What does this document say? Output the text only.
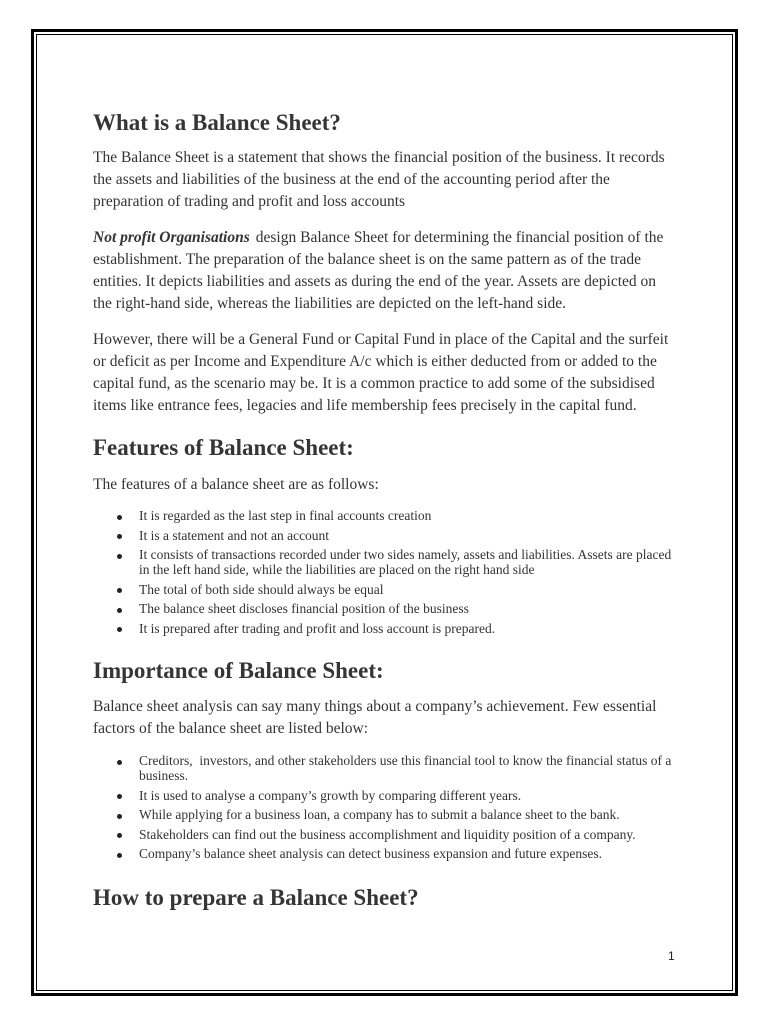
What is a Balance Sheet?

The Balance Sheet is a statement that shows the financial position of the business. It records
the assets and liabilities of the business at the end of the accounting period after the
preparation of trading and profit and loss accounts

Not profit Organisations design Balance Sheet for determining the financial position of the
establishment. The preparation of the balance sheet is on the same pattern as of the trade
entities. It depicts liabilities and assets as during the end of the year. Assets are depicted on
the right-hand side, whereas the liabilities are depicted on the left-hand side.

However, there will be a General Fund or Capital Fund in place of the Capital and the surfeit
or deficit as per Income and Expenditure A/c which is either deducted from or added to the
capital fund, as the scenario may be. It is a common practice to add some of the subsidised
items like entrance fees, legacies and life membership fees precisely in the capital fund.

Features of Balance Sheet:

The features of a balance sheet are as follows:

It is regarded as the last step in final accounts creation
It is a statement and not an account
It consists of transactions recorded under two sides namely, assets and liabilities. Assets are placed
in the left hand side, while the liabilities are placed on the right hand side
The total of both side should always be equal
The balance sheet discloses financial position of the business
It is prepared after trading and profit and loss account is prepared.
Importance of Balance Sheet:

Balance sheet analysis can say many things about a company’s achievement. Few essential
factors of the balance sheet are listed below:

Creditors,  investors, and other stakeholders use this financial tool to know the financial status of a
business.
It is used to analyse a company’s growth by comparing different years.
While applying for a business loan, a company has to submit a balance sheet to the bank.
Stakeholders can find out the business accomplishment and liquidity position of a company.
Company’s balance sheet analysis can detect business expansion and future expenses.
How to prepare a Balance Sheet?
1
